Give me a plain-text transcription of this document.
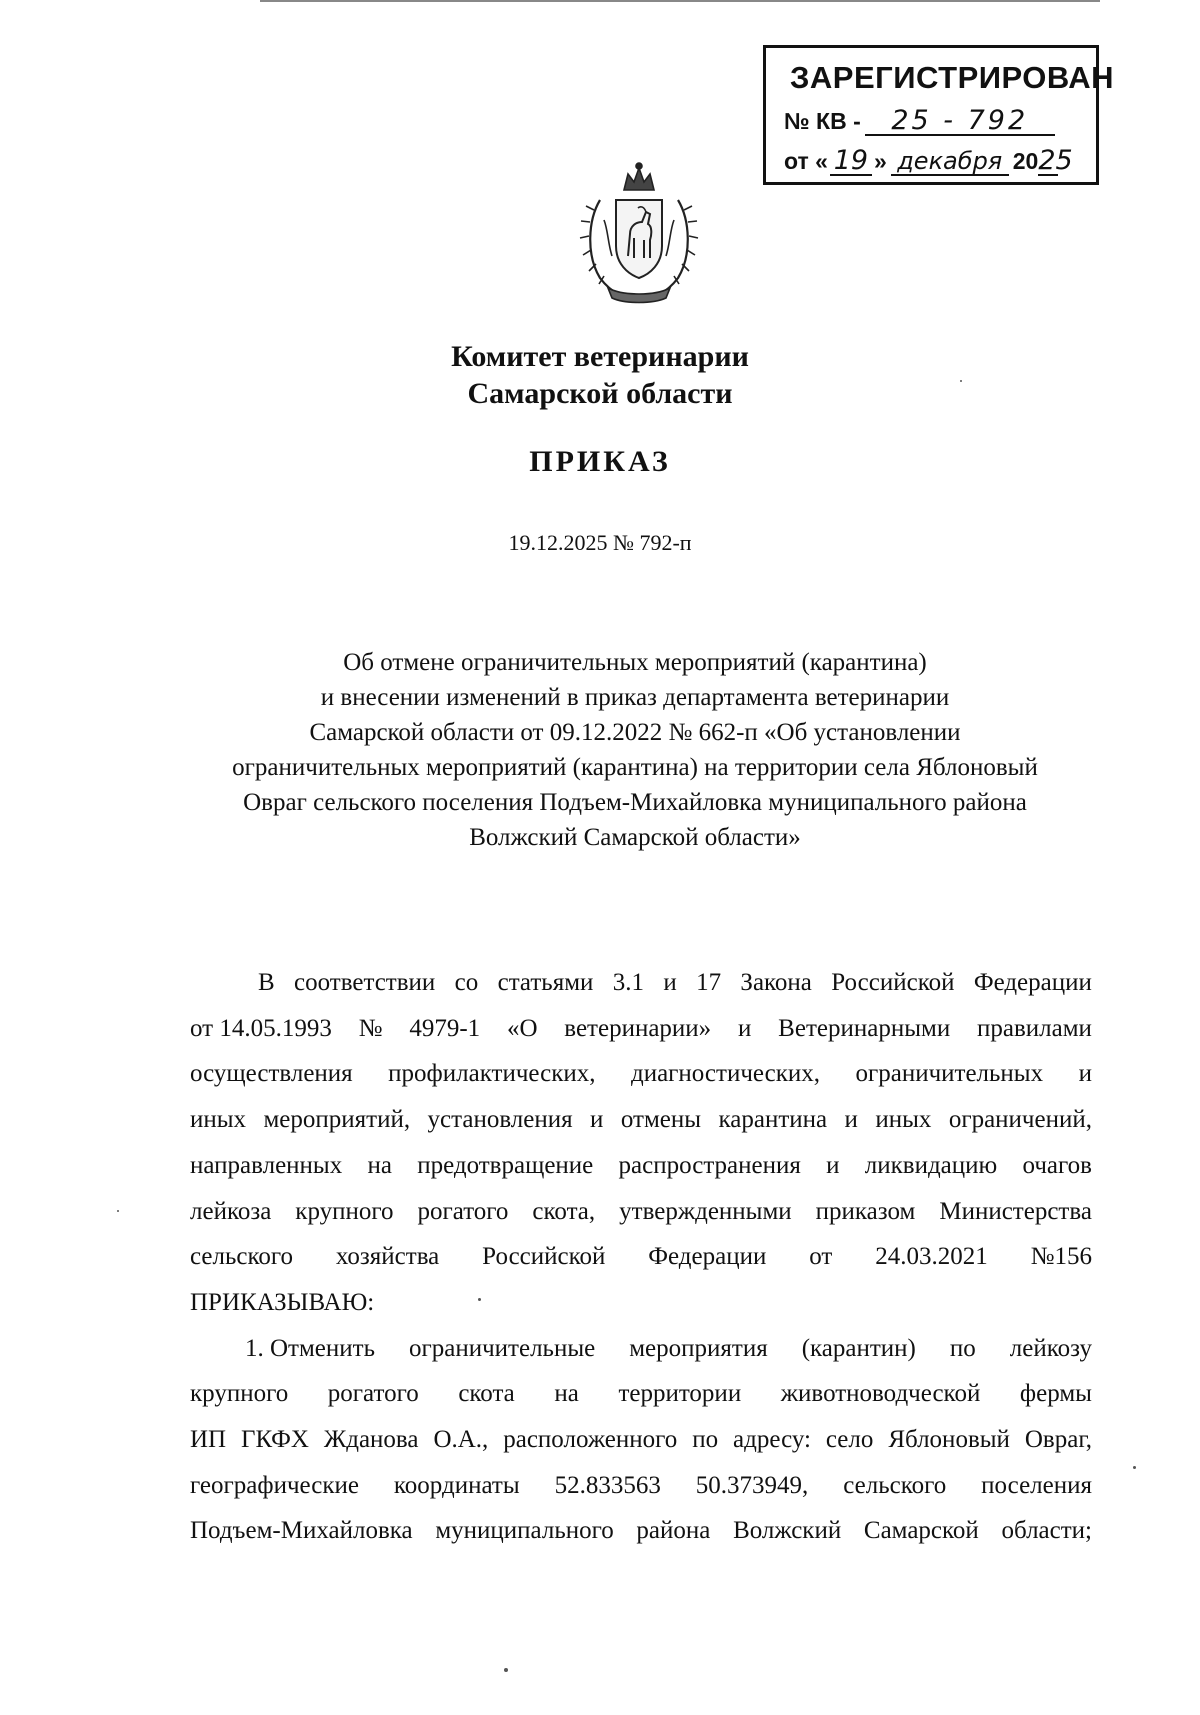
ЗАРЕГИСТРИРОВАН
№ КВ - 25 - 792
от « 19 » декабря 2025
Комитет ветеринарии
Самарской области
ПРИКАЗ
19.12.2025 № 792-п
Об отмене ограничительных мероприятий (карантина)
и внесении изменений в приказ департамента ветеринарии
Самарской области от 09.12.2022 № 662-п «Об установлении
ограничительных мероприятий (карантина) на территории села Яблоновый
Овраг сельского поселения Подъем-Михайловка муниципального района
Волжский Самарской области»
В соответствии со статьями 3.1 и 17 Закона Российской Федерации
от 14.05.1993 № 4979-1 «О ветеринарии» и Ветеринарными правилами
осуществления профилактических, диагностических, ограничительных и
иных мероприятий, установления и отмены карантина и иных ограничений,
направленных на предотвращение распространения и ликвидацию очагов
лейкоза крупного рогатого скота, утвержденными приказом Министерства
сельского хозяйства Российской Федерации от 24.03.2021 №156
ПРИКАЗЫВАЮ:
1. Отменить ограничительные мероприятия (карантин) по лейкозу
крупного рогатого скота на территории животноводческой фермы
ИП ГКФХ Жданова О.А., расположенного по адресу: село Яблоновый Овраг,
географические координаты 52.833563 50.373949, сельского поселения
Подъем-Михайловка муниципального района Волжский Самарской области;
